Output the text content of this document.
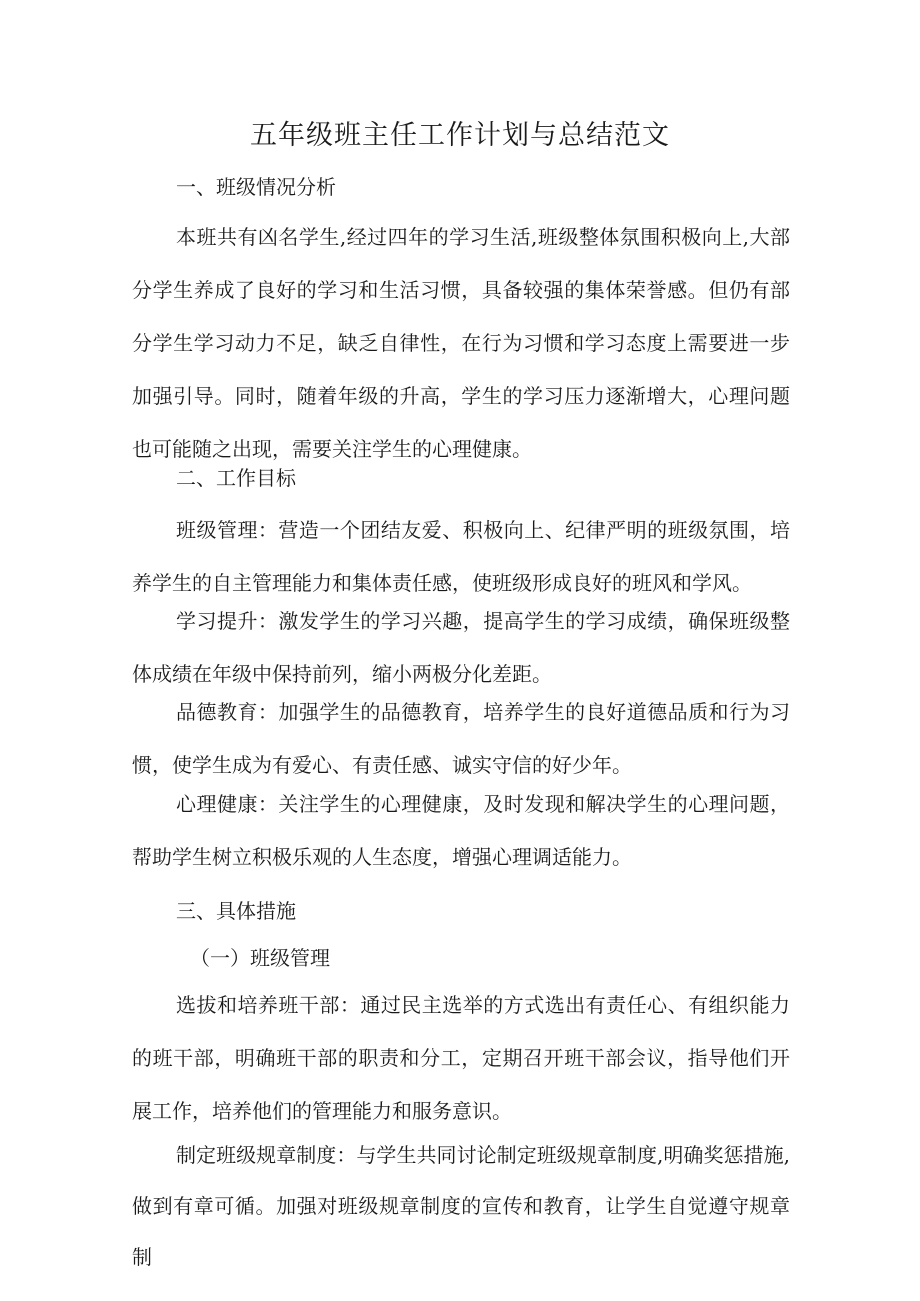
五年级班主任工作计划与总结范文
一、班级情况分析

本班共有凶名学生,经过四年的学习生活,班级整体氛围积极向上,大部分学生养成了良好的学习和生活习惯，具备较强的集体荣誉感。但仍有部分学生学习动力不足，缺乏自律性，在行为习惯和学习态度上需要进一步加强引导。同时，随着年级的升高，学生的学习压力逐渐增大，心理问题也可能随之出现，需要关注学生的心理健康。

二、工作目标

班级管理：营造一个团结友爱、积极向上、纪律严明的班级氛围，培养学生的自主管理能力和集体责任感，使班级形成良好的班风和学风。

学习提升：激发学生的学习兴趣，提高学生的学习成绩，确保班级整体成绩在年级中保持前列，缩小两极分化差距。

品德教育：加强学生的品德教育，培养学生的良好道德品质和行为习惯，使学生成为有爱心、有责任感、诚实守信的好少年。

心理健康：关注学生的心理健康，及时发现和解决学生的心理问题，帮助学生树立积极乐观的人生态度，增强心理调适能力。

三、具体措施
（一）班级管理

选拔和培养班干部：通过民主选举的方式选出有责任心、有组织能力的班干部，明确班干部的职责和分工，定期召开班干部会议，指导他们开展工作，培养他们的管理能力和服务意识。

制定班级规章制度：与学生共同讨论制定班级规章制度,明确奖惩措施,做到有章可循。加强对班级规章制度的宣传和教育，让学生自觉遵守规章制
